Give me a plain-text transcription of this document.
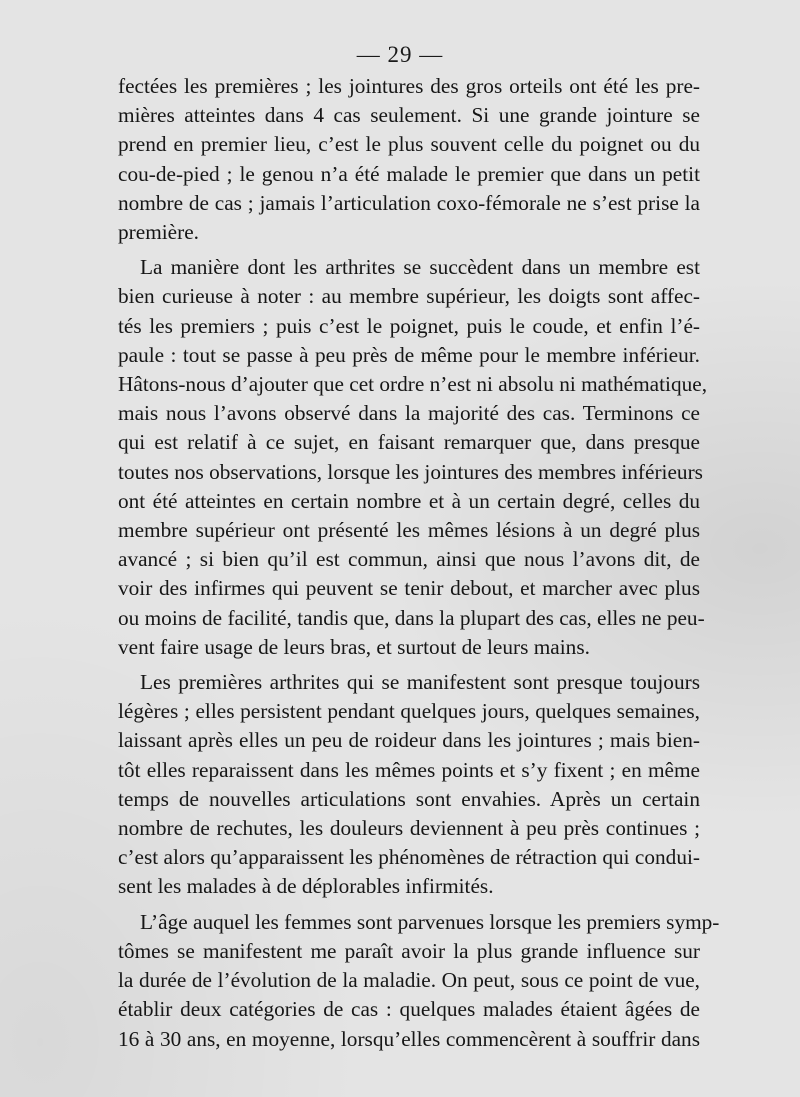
— 29 —

fectées les premières ; les jointures des gros orteils ont été les pre-
mières atteintes dans 4 cas seulement. Si une grande jointure se
prend en premier lieu, c’est le plus souvent celle du poignet ou du
cou-de-pied ; le genou n’a été malade le premier que dans un petit
nombre de cas ; jamais l’articulation coxo-fémorale ne s’est prise la
première.

La manière dont les arthrites se succèdent dans un membre est
bien curieuse à noter : au membre supérieur, les doigts sont affec-
tés les premiers ; puis c’est le poignet, puis le coude, et enfin l’é-
paule : tout se passe à peu près de même pour le membre inférieur.
Hâtons-nous d’ajouter que cet ordre n’est ni absolu ni mathématique,
mais nous l’avons observé dans la majorité des cas. Terminons ce
qui est relatif à ce sujet, en faisant remarquer que, dans presque
toutes nos observations, lorsque les jointures des membres inférieurs
ont été atteintes en certain nombre et à un certain degré, celles du
membre supérieur ont présenté les mêmes lésions à un degré plus
avancé ; si bien qu’il est commun, ainsi que nous l’avons dit, de
voir des infirmes qui peuvent se tenir debout, et marcher avec plus
ou moins de facilité, tandis que, dans la plupart des cas, elles ne peu-
vent faire usage de leurs bras, et surtout de leurs mains.

Les premières arthrites qui se manifestent sont presque toujours
légères ; elles persistent pendant quelques jours, quelques semaines,
laissant après elles un peu de roideur dans les jointures ; mais bien-
tôt elles reparaissent dans les mêmes points et s’y fixent ; en même
temps de nouvelles articulations sont envahies. Après un certain
nombre de rechutes, les douleurs deviennent à peu près continues ;
c’est alors qu’apparaissent les phénomènes de rétraction qui condui-
sent les malades à de déplorables infirmités.

L’âge auquel les femmes sont parvenues lorsque les premiers symp-
tômes se manifestent me paraît avoir la plus grande influence sur
la durée de l’évolution de la maladie. On peut, sous ce point de vue,
établir deux catégories de cas : quelques malades étaient âgées de
16 à 30 ans, en moyenne, lorsqu’elles commencèrent à souffrir dans
